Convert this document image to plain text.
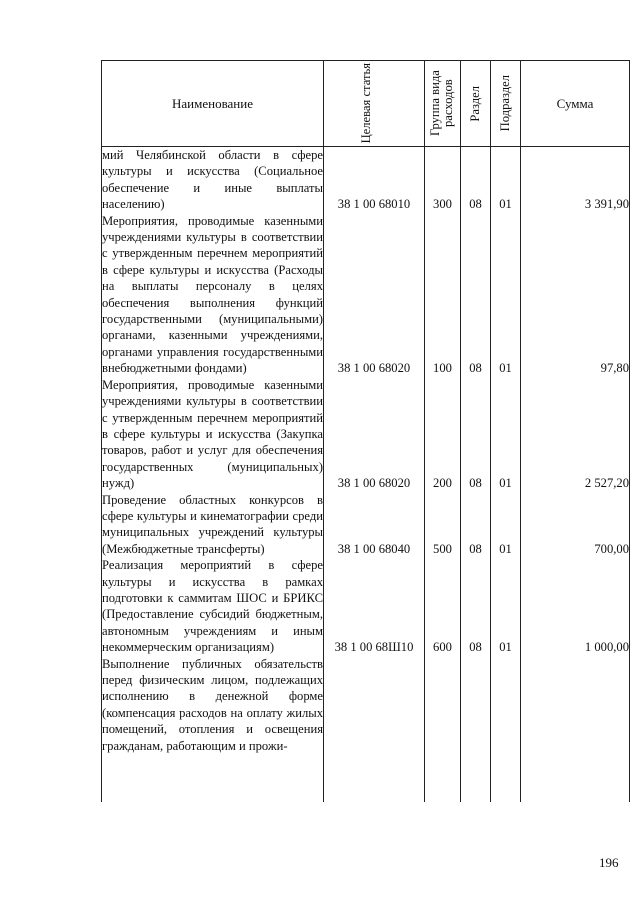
Наименование	Целевая статья	Группа вида расходов	Раздел	Подраздел	Сумма
мий Челябинской области в сфере культуры и искусства (Социальное обеспечение и иные выплаты населению)	38 1 00 68010	300	08	01	3 391,90
Мероприятия, проводимые казенными учреждениями культуры в соответствии с утвержденным перечнем мероприятий в сфере культуры и искусства (Расходы на выплаты персоналу в целях обеспечения выполнения функций государственными (муниципальными) органами, казенными учреждениями, органами управления государственными внебюджетными фондами)	38 1 00 68020	100	08	01	97,80
Мероприятия, проводимые казенными учреждениями культуры в соответствии с утвержденным перечнем мероприятий в сфере культуры и искусства (Закупка товаров, работ и услуг для обеспечения государственных (муниципальных) нужд)	38 1 00 68020	200	08	01	2 527,20
Проведение областных конкурсов в сфере культуры и кинематографии среди муниципальных учреждений культуры (Межбюджетные трансферты)	38 1 00 68040	500	08	01	700,00
Реализация мероприятий в сфере культуры и искусства в рамках подготовки к саммитам ШОС и БРИКС (Предоставление субсидий бюджетным, автономным учреждениям и иным некоммерческим организациям)	38 1 00 68Ш10	600	08	01	1 000,00
Выполнение публичных обязательств перед физическим лицом, подлежащих исполнению в денежной форме (компенсация расходов на оплату жилых помещений, отопления и освещения гражданам, работающим и прожи-					
196
